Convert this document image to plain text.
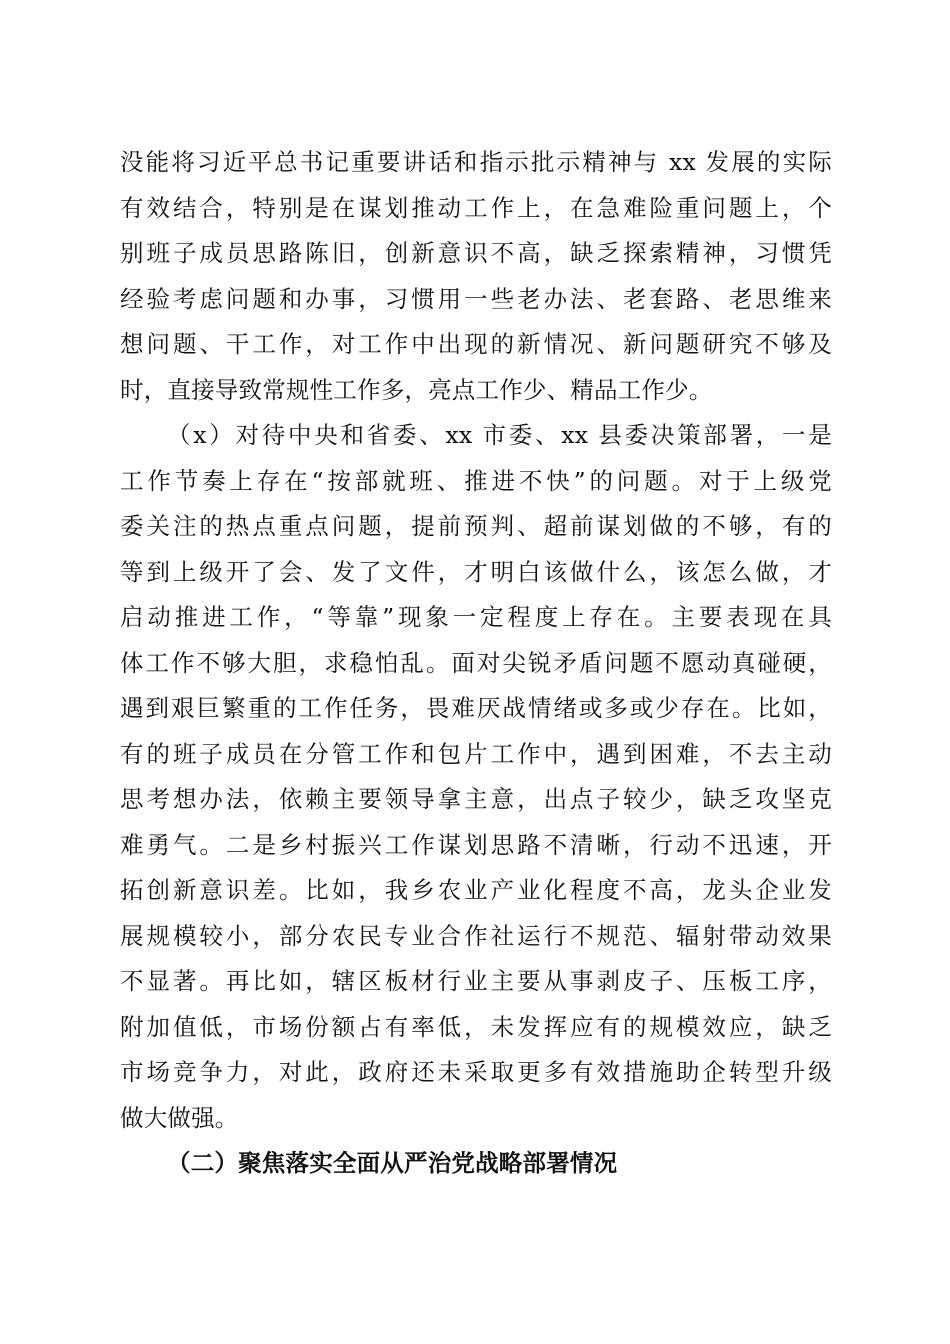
没能将习近平总书记重要讲话和指示批示精神与 xx 发展的实际
有效结合，特别是在谋划推动工作上，在急难险重问题上，个
别班子成员思路陈旧，创新意识不高，缺乏探索精神，习惯凭
经验考虑问题和办事，习惯用一些老办法、老套路、老思维来
想问题、干工作，对工作中出现的新情况、新问题研究不够及
时，直接导致常规性工作多，亮点工作少、精品工作少。
（x）对待中央和省委、xx 市委、xx 县委决策部署，一是
工作节奏上存在“按部就班、推进不快”的问题。对于上级党
委关注的热点重点问题，提前预判、超前谋划做的不够，有的
等到上级开了会、发了文件，才明白该做什么，该怎么做，才
启动推进工作，“等靠”现象一定程度上存在。主要表现在具
体工作不够大胆，求稳怕乱。面对尖锐矛盾问题不愿动真碰硬，
遇到艰巨繁重的工作任务，畏难厌战情绪或多或少存在。比如，
有的班子成员在分管工作和包片工作中，遇到困难，不去主动
思考想办法，依赖主要领导拿主意，出点子较少，缺乏攻坚克
难勇气。二是乡村振兴工作谋划思路不清晰，行动不迅速，开
拓创新意识差。比如，我乡农业产业化程度不高，龙头企业发
展规模较小，部分农民专业合作社运行不规范、辐射带动效果
不显著。再比如，辖区板材行业主要从事剥皮子、压板工序，
附加值低，市场份额占有率低，未发挥应有的规模效应，缺乏
市场竞争力，对此，政府还未采取更多有效措施助企转型升级
做大做强。
（二）聚焦落实全面从严治党战略部署情况
